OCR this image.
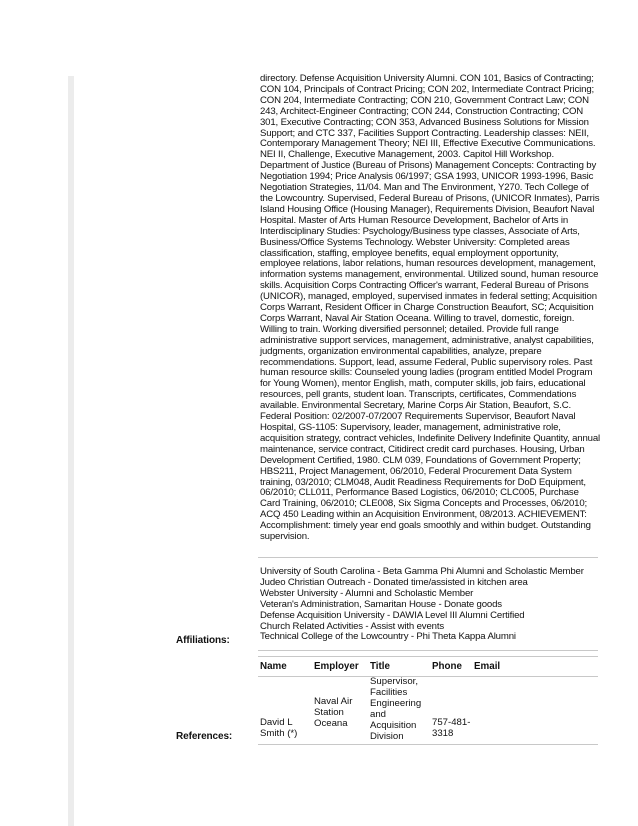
directory. Defense Acquisition University Alumni. CON 101, Basics of Contracting; CON 104, Principals of Contract Pricing; CON 202, Intermediate Contract Pricing; CON 204, Intermediate Contracting; CON 210, Government Contract Law; CON 243, Architect-Engineer Contracting; CON 244, Construction Contracting; CON 301, Executive Contracting; CON 353, Advanced Business Solutions for Mission Support; and CTC 337, Facilities Support Contracting. Leadership classes: NEII, Contemporary Management Theory; NEI III, Effective Executive Communications. NEI II, Challenge, Executive Management, 2003. Capitol Hill Workshop. Department of Justice (Bureau of Prisons) Management Concepts: Contracting by Negotiation 1994; Price Analysis 06/1997; GSA 1993, UNICOR 1993-1996, Basic Negotiation Strategies, 11/04. Man and The Environment, Y270. Tech College of the Lowcountry. Supervised, Federal Bureau of Prisons, (UNICOR Inmates), Parris Island Housing Office (Housing Manager), Requirements Division, Beaufort Naval Hospital. Master of Arts Human Resource Development, Bachelor of Arts in Interdisciplinary Studies: Psychology/Business type classes, Associate of Arts, Business/Office Systems Technology. Webster University: Completed areas classification, staffing, employee benefits, equal employment opportunity, employee relations, labor relations, human resources development, management, information systems management, environmental. Utilized sound, human resource skills. Acquisition Corps Contracting Officer's warrant, Federal Bureau of Prisons (UNICOR), managed, employed, supervised inmates in federal setting; Acquisition Corps Warrant, Resident Officer in Charge Construction Beaufort, SC; Acquisition Corps Warrant, Naval Air Station Oceana. Willing to travel, domestic, foreign. Willing to train. Working diversified personnel; detailed. Provide full range administrative support services, management, administrative, analyst capabilities, judgments, organization environmental capabilities, analyze, prepare recommendations. Support, lead, assume Federal, Public supervisory roles. Past human resource skills: Counseled young ladies (program entitled Model Program for Young Women), mentor English, math, computer skills, job fairs, educational resources, pell grants, student loan. Transcripts, certificates, Commendations available. Environmental Secretary, Marine Corps Air Station, Beaufort, S.C. Federal Position: 02/2007-07/2007 Requirements Supervisor, Beaufort Naval Hospital, GS-1105: Supervisory, leader, management, administrative role, acquisition strategy, contract vehicles, Indefinite Delivery Indefinite Quantity, annual maintenance, service contract, Citidirect credit card purchases. Housing, Urban Development Certified, 1980. CLM 039, Foundations of Government Property; HBS211, Project Management, 06/2010, Federal Procurement Data System training, 03/2010; CLM048, Audit Readiness Requirements for DoD Equipment, 06/2010; CLL011, Performance Based Logistics, 06/2010; CLC005, Purchase Card Training, 06/2010; CLE008, Six Sigma Concepts and Processes, 06/2010; ACQ 450 Leading within an Acquisition Environment, 08/2013. ACHIEVEMENT: Accomplishment: timely year end goals smoothly and within budget. Outstanding supervision.

University of South Carolina - Beta Gamma Phi Alumni and Scholastic Member
Judeo Christian Outreach - Donated time/assisted in kitchen area
Webster University - Alumni and Scholastic Member
Veteran's Administration, Samaritan House - Donate goods
Defense Acquisition University - DAWIA Level III Alumni Certified
Church Related Activities - Assist with events
Technical College of the Lowcountry - Phi Theta Kappa Alumni
Affiliations:
Name	Employer Title	Phone Email
David L
Smith (*)
Naval Air
Station
Oceana
Supervisor,
Facilities
Engineering
and
Acquisition
Division
757-481-
3318
References:
